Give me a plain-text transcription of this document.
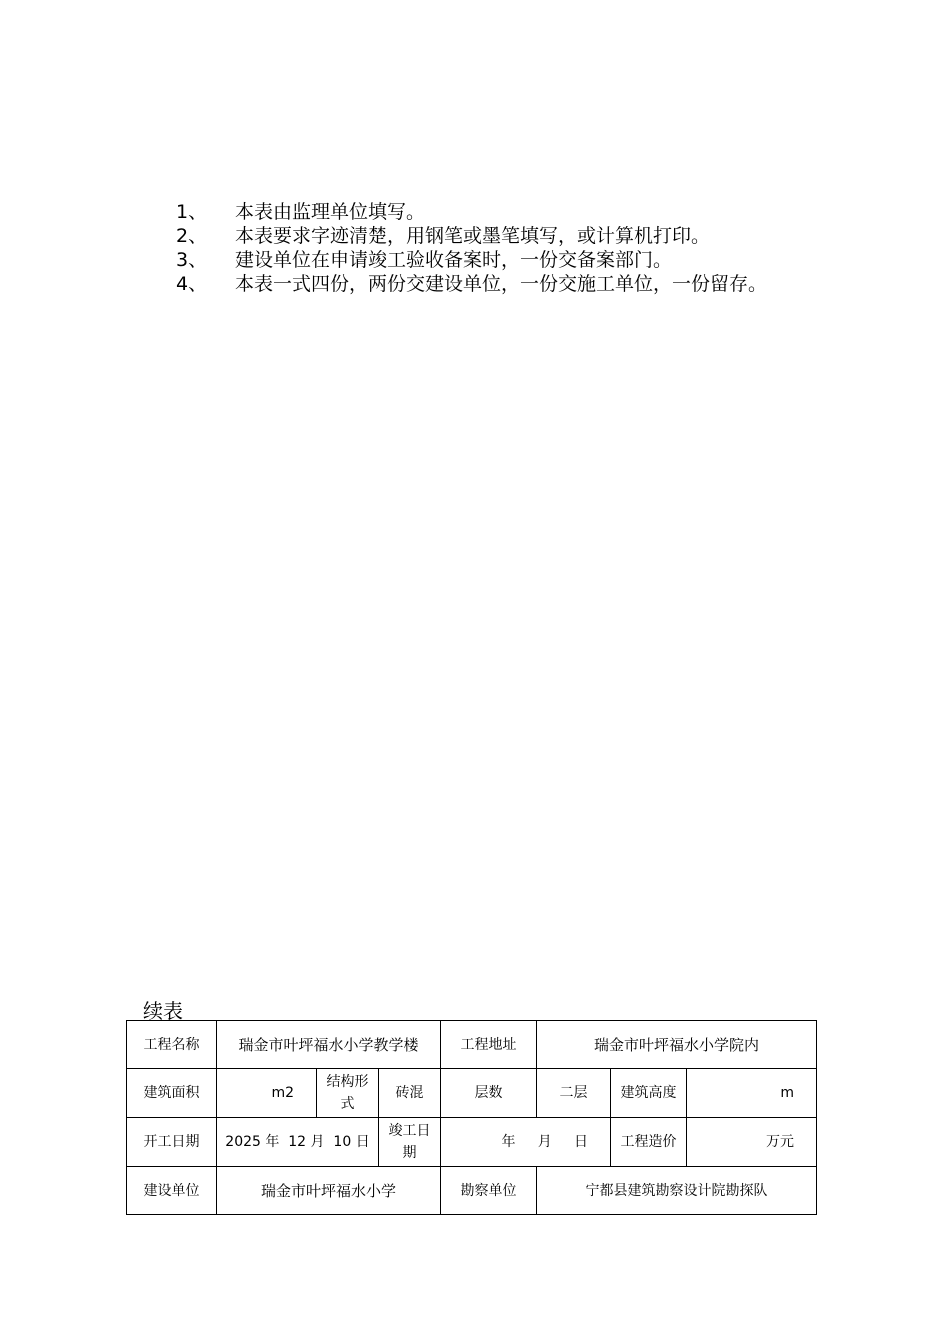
1、	本表由监理单位填写。
2、	本表要求字迹清楚，用钢笔或墨笔填写，或计算机打印。
3、	建设单位在申请竣工验收备案时，一份交备案部门。
4、	本表一式四份，两份交建设单位，一份交施工单位，一份留存。
续表
工程名称	瑞金市叶坪福水小学教学楼			工程地址	瑞金市叶坪福水小学院内		
建筑面积	m2	结构形式	砖混	层数	二层	建筑高度	m
开工日期	2025 年  12 月  10 日		竣工日期	年     月     日		工程造价	万元
建设单位	瑞金市叶坪福水小学			勘察单位	宁都县建筑勘察设计院勘探队		
